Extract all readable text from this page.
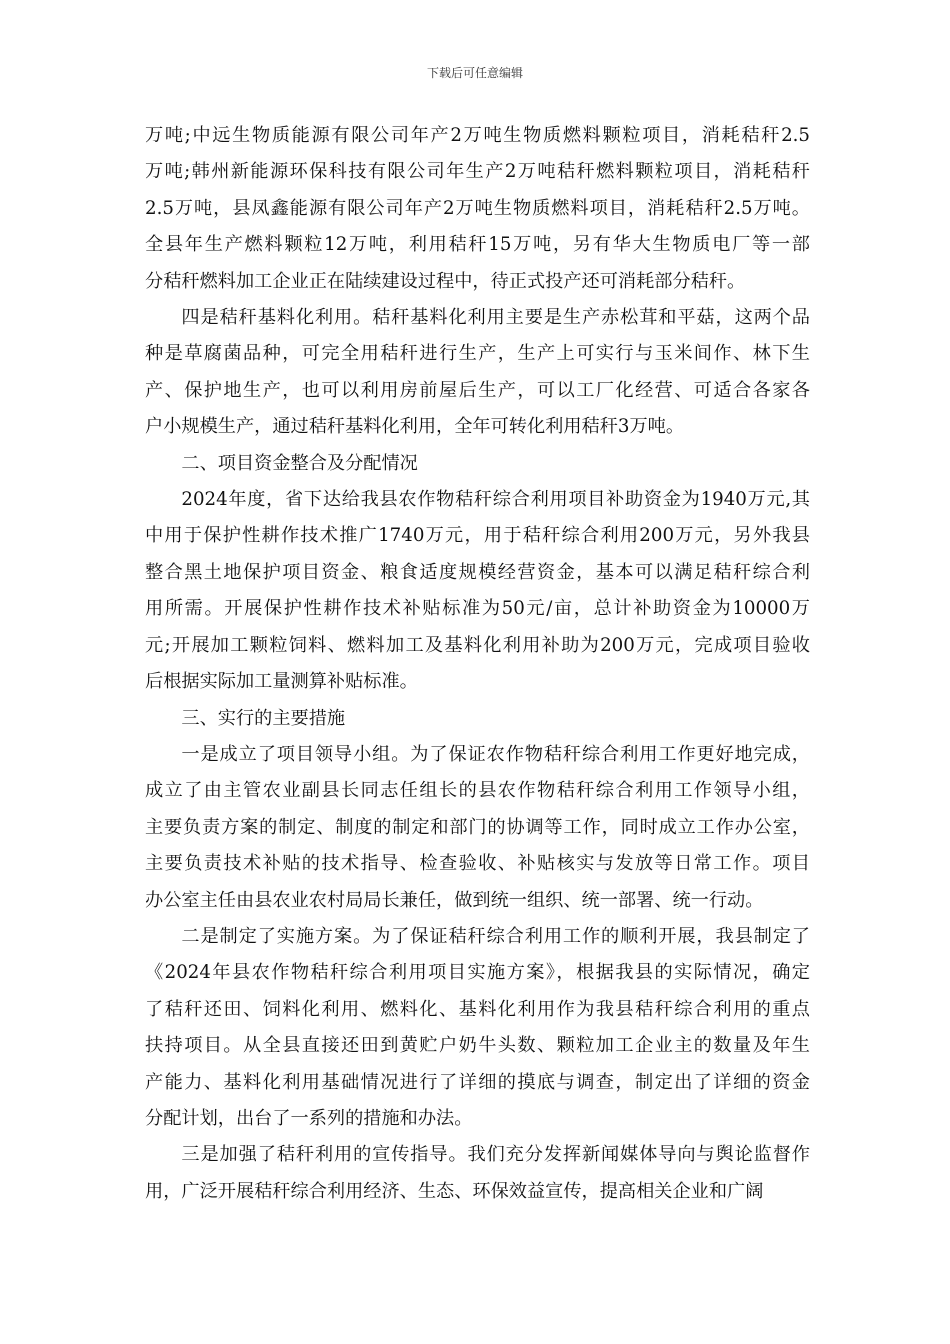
下载后可任意编辑
万吨;中远生物质能源有限公司年产2万吨生物质燃料颗粒项目，消耗秸秆2.5
万吨;韩州新能源环保科技有限公司年生产2万吨秸秆燃料颗粒项目，消耗秸秆
2.5万吨，县凤鑫能源有限公司年产2万吨生物质燃料项目，消耗秸秆2.5万吨。
全县年生产燃料颗粒12万吨，利用秸秆15万吨，另有华大生物质电厂等一部
分秸秆燃料加工企业正在陆续建设过程中，待正式投产还可消耗部分秸秆。
四是秸秆基料化利用。秸秆基料化利用主要是生产赤松茸和平菇，这两个品
种是草腐菌品种，可完全用秸秆进行生产，生产上可实行与玉米间作、林下生
产、保护地生产，也可以利用房前屋后生产，可以工厂化经营、可适合各家各
户小规模生产，通过秸秆基料化利用，全年可转化利用秸秆3万吨。
二、项目资金整合及分配情况
2024年度，省下达给我县农作物秸秆综合利用项目补助资金为1940万元,其
中用于保护性耕作技术推广1740万元，用于秸秆综合利用200万元，另外我县
整合黑土地保护项目资金、粮食适度规模经营资金，基本可以满足秸秆综合利
用所需。开展保护性耕作技术补贴标准为50元/亩，总计补助资金为10000万
元;开展加工颗粒饲料、燃料加工及基料化利用补助为200万元，完成项目验收
后根据实际加工量测算补贴标准。
三、实行的主要措施
一是成立了项目领导小组。为了保证农作物秸秆综合利用工作更好地完成，
成立了由主管农业副县长同志任组长的县农作物秸秆综合利用工作领导小组，
主要负责方案的制定、制度的制定和部门的协调等工作，同时成立工作办公室，
主要负责技术补贴的技术指导、检查验收、补贴核实与发放等日常工作。项目
办公室主任由县农业农村局局长兼任，做到统一组织、统一部署、统一行动。
二是制定了实施方案。为了保证秸秆综合利用工作的顺利开展，我县制定了
《2024年县农作物秸秆综合利用项目实施方案》，根据我县的实际情况，确定
了秸秆还田、饲料化利用、燃料化、基料化利用作为我县秸秆综合利用的重点
扶持项目。从全县直接还田到黄贮户奶牛头数、颗粒加工企业主的数量及年生
产能力、基料化利用基础情况进行了详细的摸底与调查，制定出了详细的资金
分配计划，出台了一系列的措施和办法。
三是加强了秸秆利用的宣传指导。我们充分发挥新闻媒体导向与舆论监督作
用，广泛开展秸秆综合利用经济、生态、环保效益宣传，提高相关企业和广阔
